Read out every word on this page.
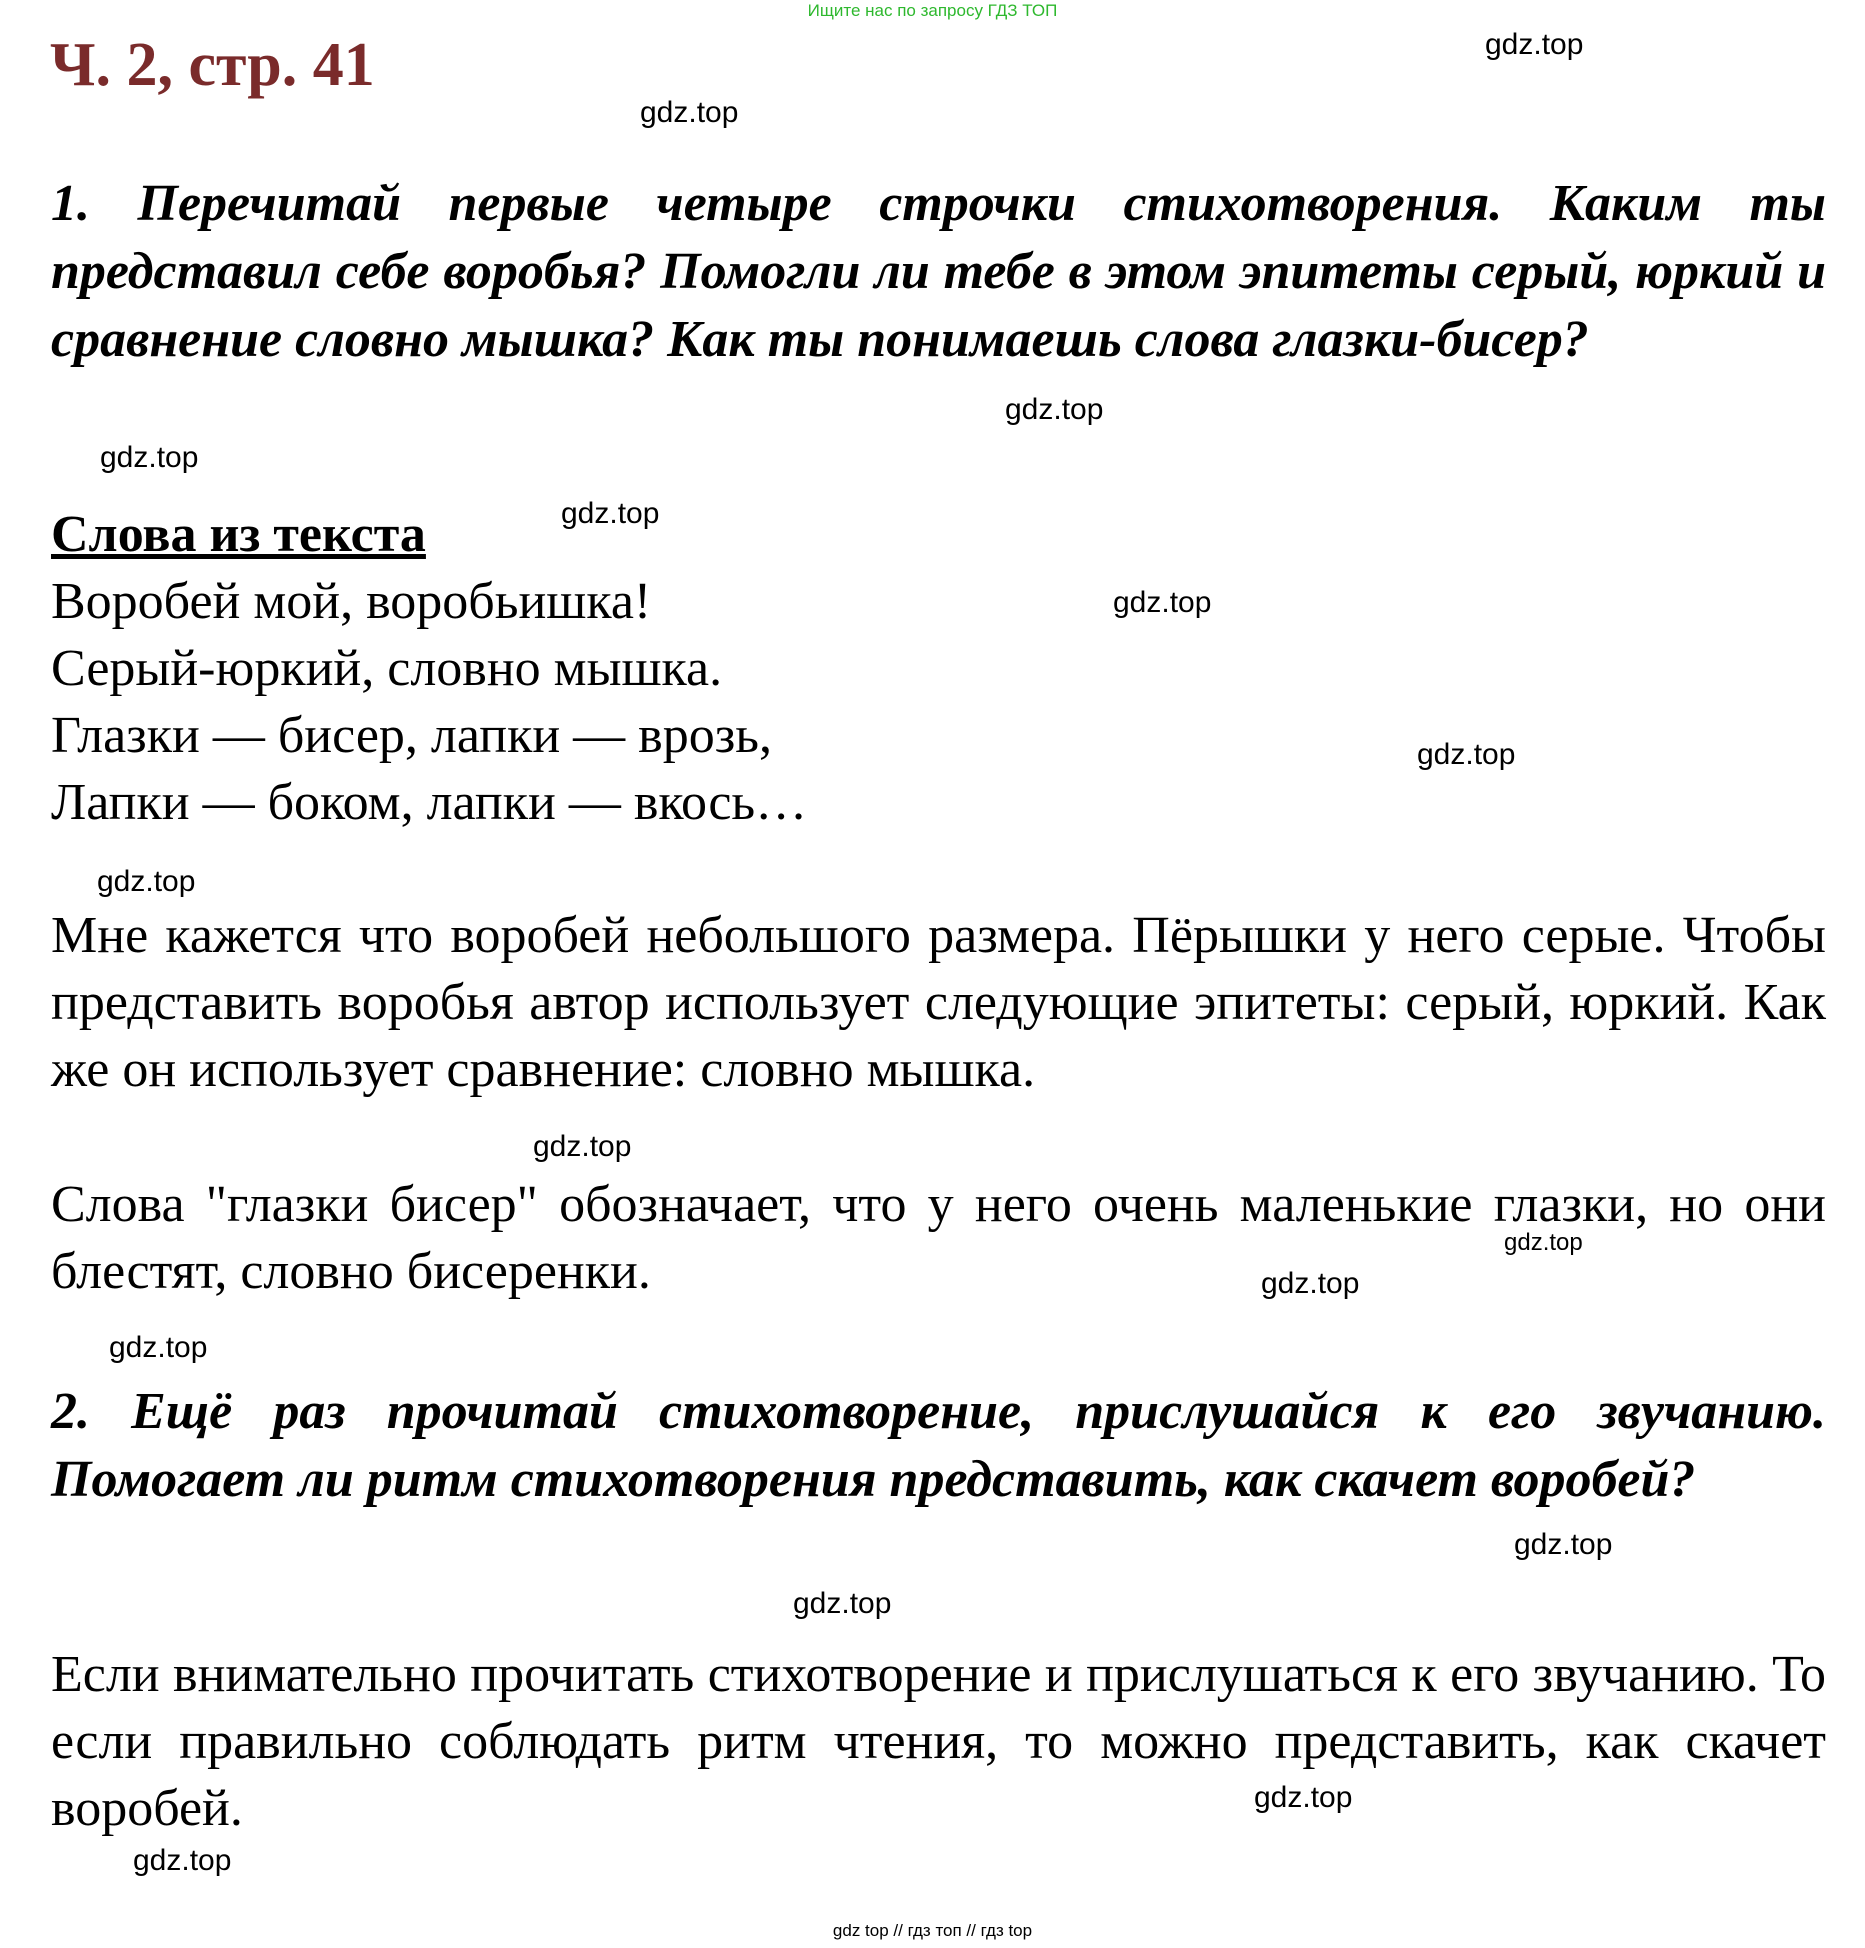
Ищите нас по запросу ГДЗ ТОП
Ч. 2, стр. 41

1. Перечитай первые четыре строчки стихотворения. Каким ты представил себе воробья? Помогли ли тебе в этом эпитеты серый, юркий и сравнение словно мышка? Как ты понимаешь слова глазки-бисер?

Слова из текста
Воробей мой, воробьишка!
Серый-юркий, словно мышка.
Глазки — бисер, лапки — врозь,
Лапки — боком, лапки — вкось…

Мне кажется что воробей небольшого размера. Пёрышки у него серые. Чтобы представить воробья автор использует следующие эпитеты: серый, юркий. Как же он использует сравнение: словно мышка.

Слова "глазки бисер" обозначает, что у него очень маленькие глазки, но они блестят, словно бисеренки.

2. Ещё раз прочитай стихотворение, прислушайся к его звучанию. Помогает ли ритм стихотворения представить, как скачет воробей?

Если внимательно прочитать стихотворение и прислушаться к его звучанию. То если правильно соблюдать ритм чтения, то можно представить, как скачет воробей.

gdz.top
gdz.top
gdz.top
gdz.top
gdz.top
gdz.top
gdz.top
gdz.top
gdz.top
gdz.top
gdz.top
gdz.top
gdz.top
gdz.top
gdz.top
gdz.top
gdz top // гдз топ // гдз top
